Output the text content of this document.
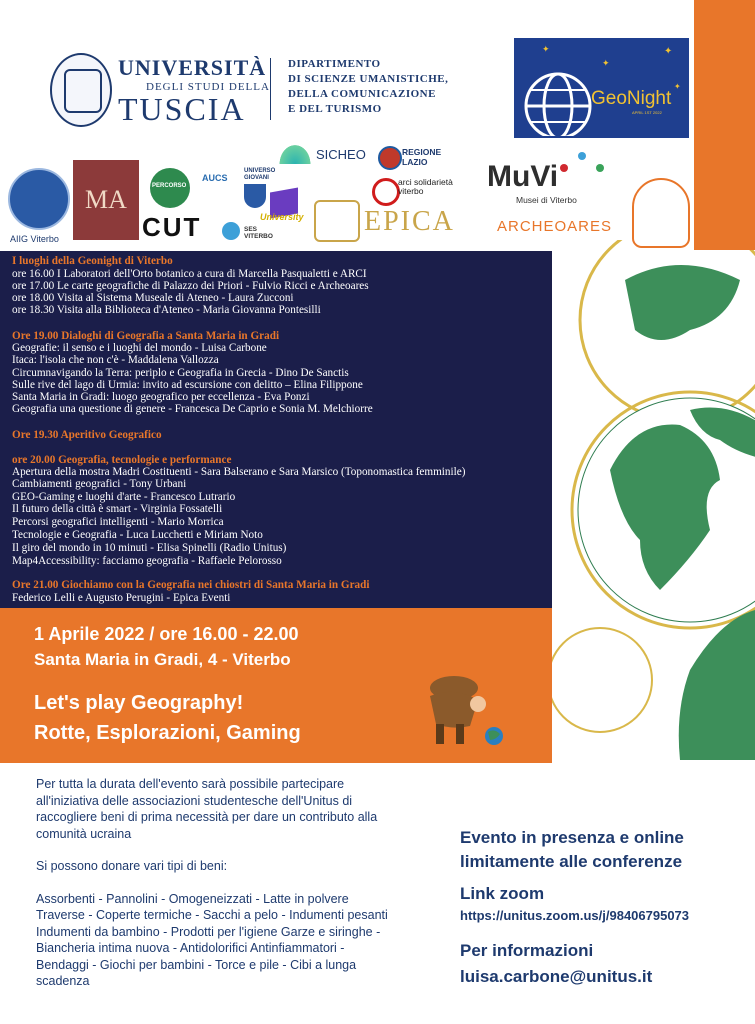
UNIVERSITÀ
DEGLI STUDI DELLA
TUSCIA
DIPARTIMENTO
DI SCIENZE UMANISTICHE,
DELLA COMUNICAZIONE
E DEL TURISMO	GeoNight
APRIL 1ST 2022
✦
✦
✦
✦
AIIG Viterbo
MA	PERCORSO
AUCS
UNIVERSO GIOVANI
University
CUT	SES VITERBO
SICHEO	REGIONE LAZIO
arci solidarietà viterbo
EPICA
MuVi
Musei di Viterbo
ARCHEOARES
I luoghi della Geonight di Viterbo
ore 16.00 I Laboratori dell'Orto botanico a cura di Marcella Pasqualetti e ARCI
ore 17.00 Le carte geografiche di Palazzo dei Priori - Fulvio Ricci e Archeoares
ore 18.00 Visita al Sistema Museale di Ateneo - Laura Zucconi
ore 18.30 Visita alla Biblioteca d'Ateneo - Maria Giovanna Pontesilli
Ore 19.00 Dialoghi di Geografia a Santa Maria in Gradi
Geografie: il senso e i luoghi del mondo - Luisa Carbone
Itaca: l'isola che non c'è - Maddalena Vallozza
Circumnavigando la Terra: periplo e Geografia in Grecia - Dino De Sanctis
Sulle rive del lago di Urmia: invito ad escursione con delitto – Elina Filippone
Santa Maria in Gradi: luogo geografico per eccellenza - Eva Ponzi
Geografia una questione di genere - Francesca De Caprio e Sonia M. Melchiorre
Ore 19.30 Aperitivo Geografico
ore 20.00 Geografia, tecnologie e performance
Apertura della mostra Madri Costituenti - Sara Balserano e Sara Marsico (Toponomastica femminile)
Cambiamenti geografici - Tony Urbani
GEO-Gaming e luoghi d'arte - Francesco Lutrario
Il futuro della città è smart - Virginia Fossatelli
Percorsi geografici intelligenti - Mario Morrica
Tecnologie e Geografia - Luca Lucchetti e Miriam Noto
Il giro del mondo in 10 minuti - Elisa Spinelli (Radio Unitus)
Map4Accessibility: facciamo geografia - Raffaele Pelorosso
Ore 21.00 Giochiamo con la Geografia nei chiostri di Santa Maria in Gradi
Federico Lelli e Augusto Perugini - Epica Eventi
1 Aprile 2022 / ore 16.00 - 22.00
Santa Maria in Gradi, 4 - Viterbo
Let's play Geography!
Rotte, Esplorazioni, Gaming

Per tutta la durata dell'evento sarà possibile partecipare all'iniziativa delle associazioni studentesche dell'Unitus di raccogliere beni di prima necessità per dare un contributo alla comunità ucraina

Si possono donare vari tipi di beni:

Assorbenti - Pannolini - Omogeneizzati - Latte in polvere Traverse - Coperte termiche - Sacchi a pelo - Indumenti pesanti Indumenti da bambino - Prodotti per l'igiene Garze e siringhe - Biancheria intima nuova - Antidolorifici Antinfiammatori - Bendaggi - Giochi per bambini - Torce e pile - Cibi a lunga scadenza

Evento in presenza e online
limitamente alle conferenze
Link zoom
https://unitus.zoom.us/j/98406795073
Per informazioni
luisa.carbone@unitus.it
